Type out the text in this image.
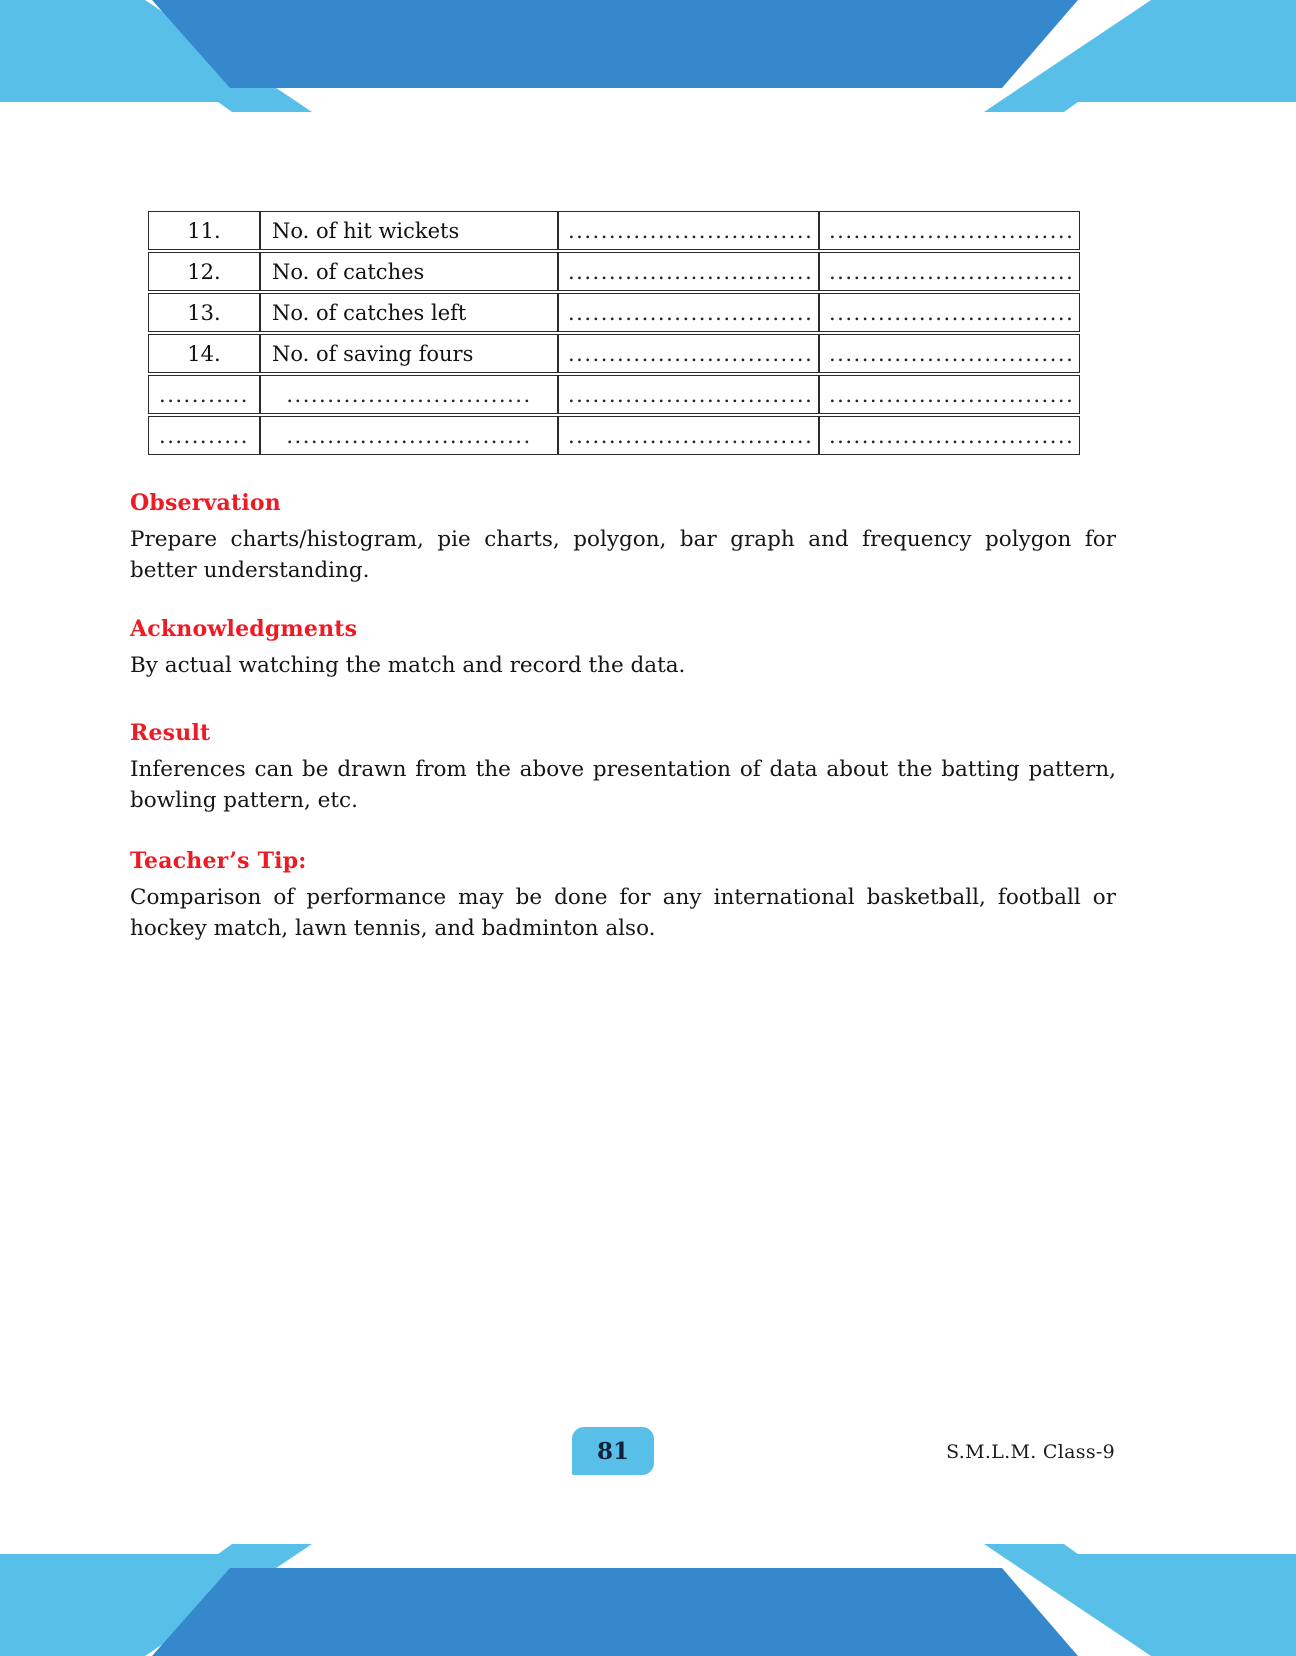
11.	No. of hit wickets	..............................	..............................
12.	No. of catches	..............................	..............................
13.	No. of catches left	..............................	..............................
14.	No. of saving fours	..............................	..............................
...........	..............................	..............................	..............................
...........	..............................	..............................	..............................
Observation
Prepare charts/histogram, pie charts, polygon, bar graph and frequency polygon for better understanding.
Acknowledgments
By actual watching the match and record the data.
Result
Inferences can be drawn from the above presentation of data about the batting pattern, bowling pattern, etc.
Teacher’s Tip:
Comparison of performance may be done for any international basketball, football or hockey match, lawn tennis, and badminton also.
81	S.M.L.M. Class-9
